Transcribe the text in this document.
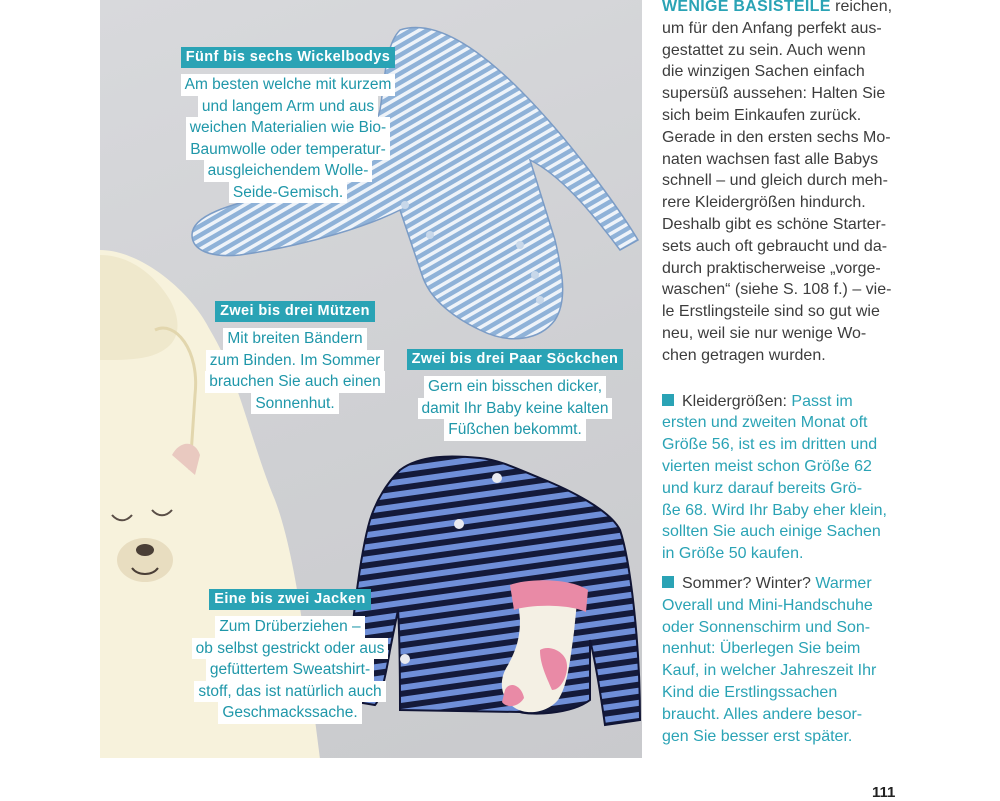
Fünf bis sechs Wickelbodys
Am besten welche mit kurzem
und langem Arm und aus
weichen Materialien wie Bio-
Baumwolle oder temperatur-
ausgleichendem Wolle-
Seide-Gemisch.
Zwei bis drei Mützen
Mit breiten Bändern
zum Binden. Im Sommer
brauchen Sie auch einen
Sonnenhut.
Zwei bis drei Paar Söckchen
Gern ein bisschen dicker,
damit Ihr Baby keine kalten
Füßchen bekommt.
Eine bis zwei Jacken
Zum Drüberziehen –
ob selbst gestrickt oder aus
gefüttertem Sweatshirt-
stoff, das ist natürlich auch
Geschmackssache.
WENIGE BASISTEILE reichen,
um für den Anfang perfekt aus-
gestattet zu sein. Auch wenn
die winzigen Sachen einfach
supersüß aussehen: Halten Sie
sich beim Einkaufen zurück.
Gerade in den ersten sechs Mo-
naten wachsen fast alle Babys
schnell – und gleich durch meh-
rere Kleidergrößen hindurch.
Deshalb gibt es schöne Starter-
sets auch oft gebraucht und da-
durch praktischerweise „vorge-
waschen“ (siehe S. 108 f.) – vie-
le Erstlingsteile sind so gut wie
neu, weil sie nur wenige Wo-
chen getragen wurden.
Kleidergrößen: Passt im
ersten und zweiten Monat oft
Größe 56, ist es im dritten und
vierten meist schon Größe 62
und kurz darauf bereits Grö-
ße 68. Wird Ihr Baby eher klein,
sollten Sie auch einige Sachen
in Größe 50 kaufen.
Sommer? Winter? Warmer
Overall und Mini-Handschuhe
oder Sonnenschirm und Son-
nenhut: Überlegen Sie beim
Kauf, in welcher Jahreszeit Ihr
Kind die Erstlingssachen
braucht. Alles andere besor-
gen Sie besser erst später.
111
